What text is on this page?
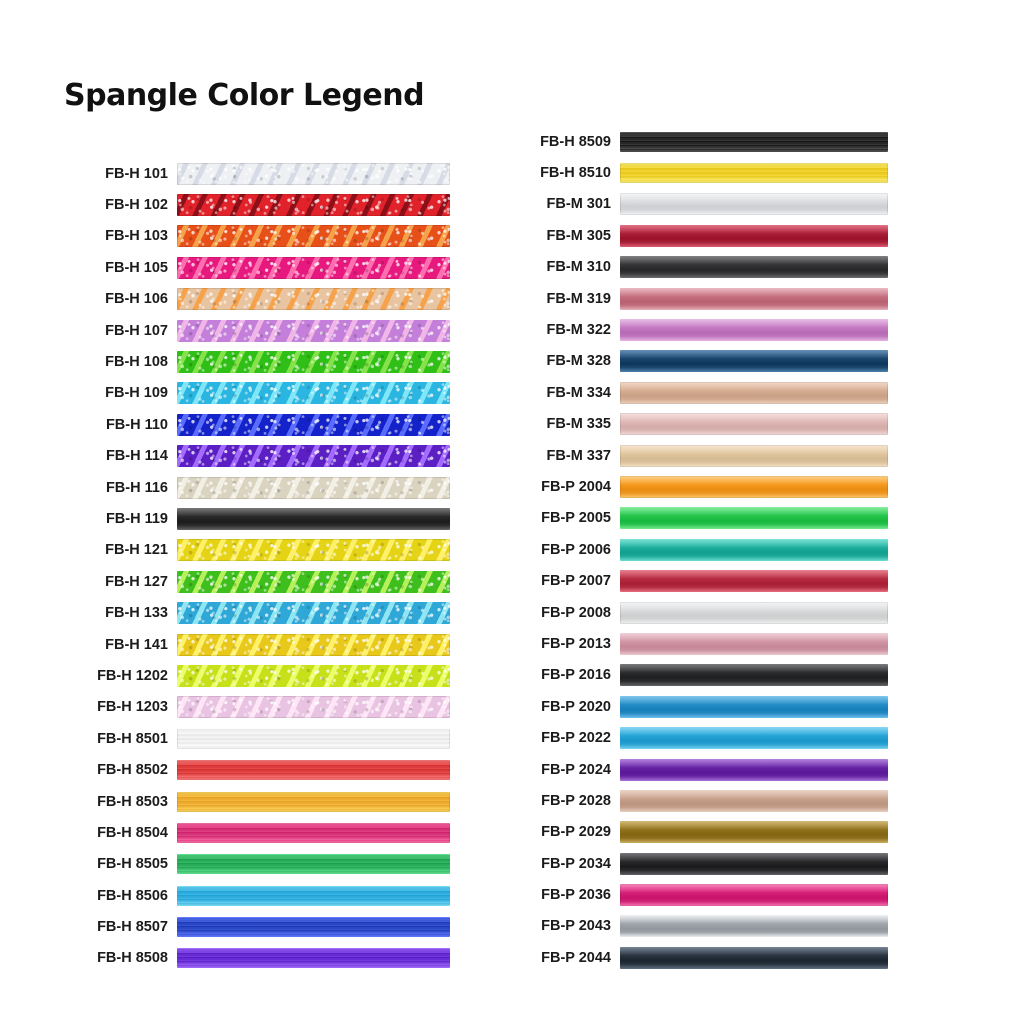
Spangle Color Legend
FB-H 101
FB-H 102
FB-H 103
FB-H 105
FB-H 106
FB-H 107
FB-H 108
FB-H 109
FB-H 110
FB-H 114
FB-H 116
FB-H 119
FB-H 121
FB-H 127
FB-H 133
FB-H 141
FB-H 1202
FB-H 1203
FB-H 8501
FB-H 8502
FB-H 8503
FB-H 8504
FB-H 8505
FB-H 8506
FB-H 8507
FB-H 8508
FB-H 8509
FB-H 8510
FB-M 301
FB-M 305
FB-M 310
FB-M 319
FB-M 322
FB-M 328
FB-M 334
FB-M 335
FB-M 337
FB-P 2004
FB-P 2005
FB-P 2006
FB-P 2007
FB-P 2008
FB-P 2013
FB-P 2016
FB-P 2020
FB-P 2022
FB-P 2024
FB-P 2028
FB-P 2029
FB-P 2034
FB-P 2036
FB-P 2043
FB-P 2044
